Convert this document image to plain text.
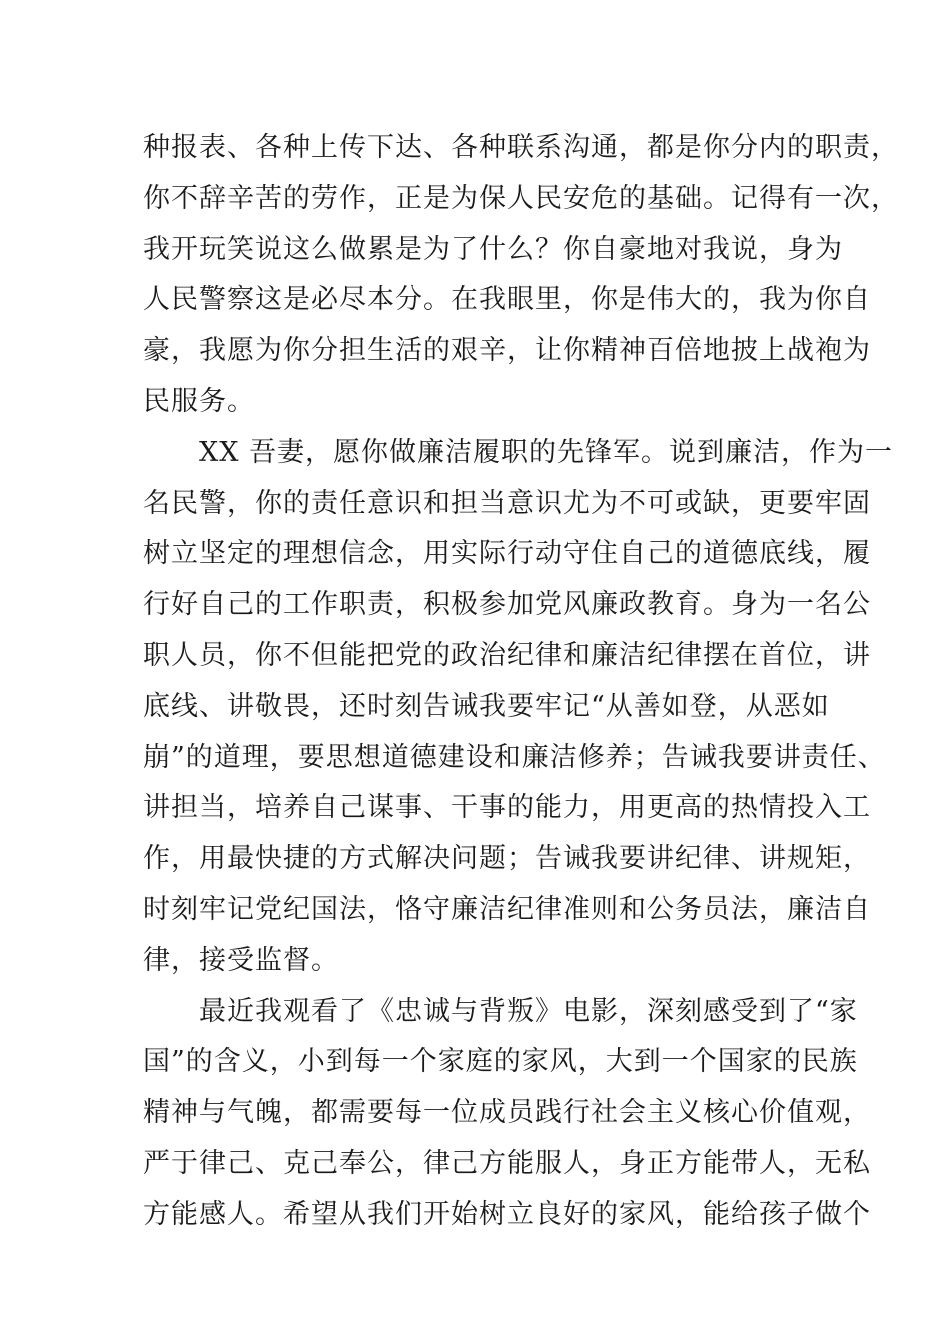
种报表、各种上传下达、各种联系沟通，都是你分内的职责，
你不辞辛苦的劳作，正是为保人民安危的基础。记得有一次，
我开玩笑说这么做累是为了什么？你自豪地对我说，身为
人民警察这是必尽本分。在我眼里，你是伟大的，我为你自
豪，我愿为你分担生活的艰辛，让你精神百倍地披上战袍为
民服务。
XX 吾妻，愿你做廉洁履职的先锋军。说到廉洁，作为一
名民警，你的责任意识和担当意识尤为不可或缺，更要牢固
树立坚定的理想信念，用实际行动守住自己的道德底线，履
行好自己的工作职责，积极参加党风廉政教育。身为一名公
职人员，你不但能把党的政治纪律和廉洁纪律摆在首位，讲
底线、讲敬畏，还时刻告诫我要牢记“从善如登，从恶如
崩”的道理，要思想道德建设和廉洁修养；告诫我要讲责任、
讲担当，培养自己谋事、干事的能力，用更高的热情投入工
作，用最快捷的方式解决问题；告诫我要讲纪律、讲规矩，
时刻牢记党纪国法，恪守廉洁纪律准则和公务员法，廉洁自
律，接受监督。
最近我观看了《忠诚与背叛》电影，深刻感受到了“家
国”的含义，小到每一个家庭的家风，大到一个国家的民族
精神与气魄，都需要每一位成员践行社会主义核心价值观，
严于律己、克己奉公，律己方能服人，身正方能带人，无私
方能感人。希望从我们开始树立良好的家风，能给孩子做个
